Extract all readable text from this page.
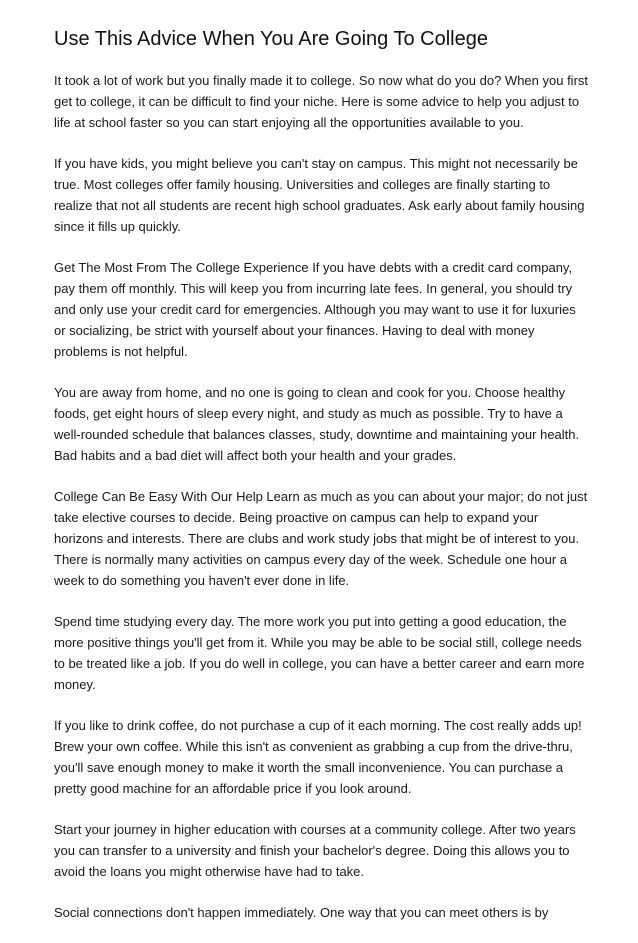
Use This Advice When You Are Going To College

It took a lot of work but you finally made it to college. So now what do you do? When you first get to college, it can be difficult to find your niche. Here is some advice to help you adjust to life at school faster so you can start enjoying all the opportunities available to you.

If you have kids, you might believe you can't stay on campus. This might not necessarily be true. Most colleges offer family housing. Universities and colleges are finally starting to realize that not all students are recent high school graduates. Ask early about family housing since it fills up quickly.

Get The Most From The College Experience If you have debts with a credit card company, pay them off monthly. This will keep you from incurring late fees. In general, you should try and only use your credit card for emergencies. Although you may want to use it for luxuries or socializing, be strict with yourself about your finances. Having to deal with money problems is not helpful.

You are away from home, and no one is going to clean and cook for you. Choose healthy foods, get eight hours of sleep every night, and study as much as possible. Try to have a well-rounded schedule that balances classes, study, downtime and maintaining your health. Bad habits and a bad diet will affect both your health and your grades.

College Can Be Easy With Our Help Learn as much as you can about your major; do not just take elective courses to decide. Being proactive on campus can help to expand your horizons and interests. There are clubs and work study jobs that might be of interest to you. There is normally many activities on campus every day of the week. Schedule one hour a week to do something you haven't ever done in life.

Spend time studying every day. The more work you put into getting a good education, the more positive things you'll get from it. While you may be able to be social still, college needs to be treated like a job. If you do well in college, you can have a better career and earn more money.

If you like to drink coffee, do not purchase a cup of it each morning. The cost really adds up! Brew your own coffee. While this isn't as convenient as grabbing a cup from the drive-thru, you'll save enough money to make it worth the small inconvenience. You can purchase a pretty good machine for an affordable price if you look around.

Start your journey in higher education with courses at a community college. After two years you can transfer to a university and finish your bachelor's degree. Doing this allows you to avoid the loans you might otherwise have had to take.

Social connections don't happen immediately. One way that you can meet others is by
